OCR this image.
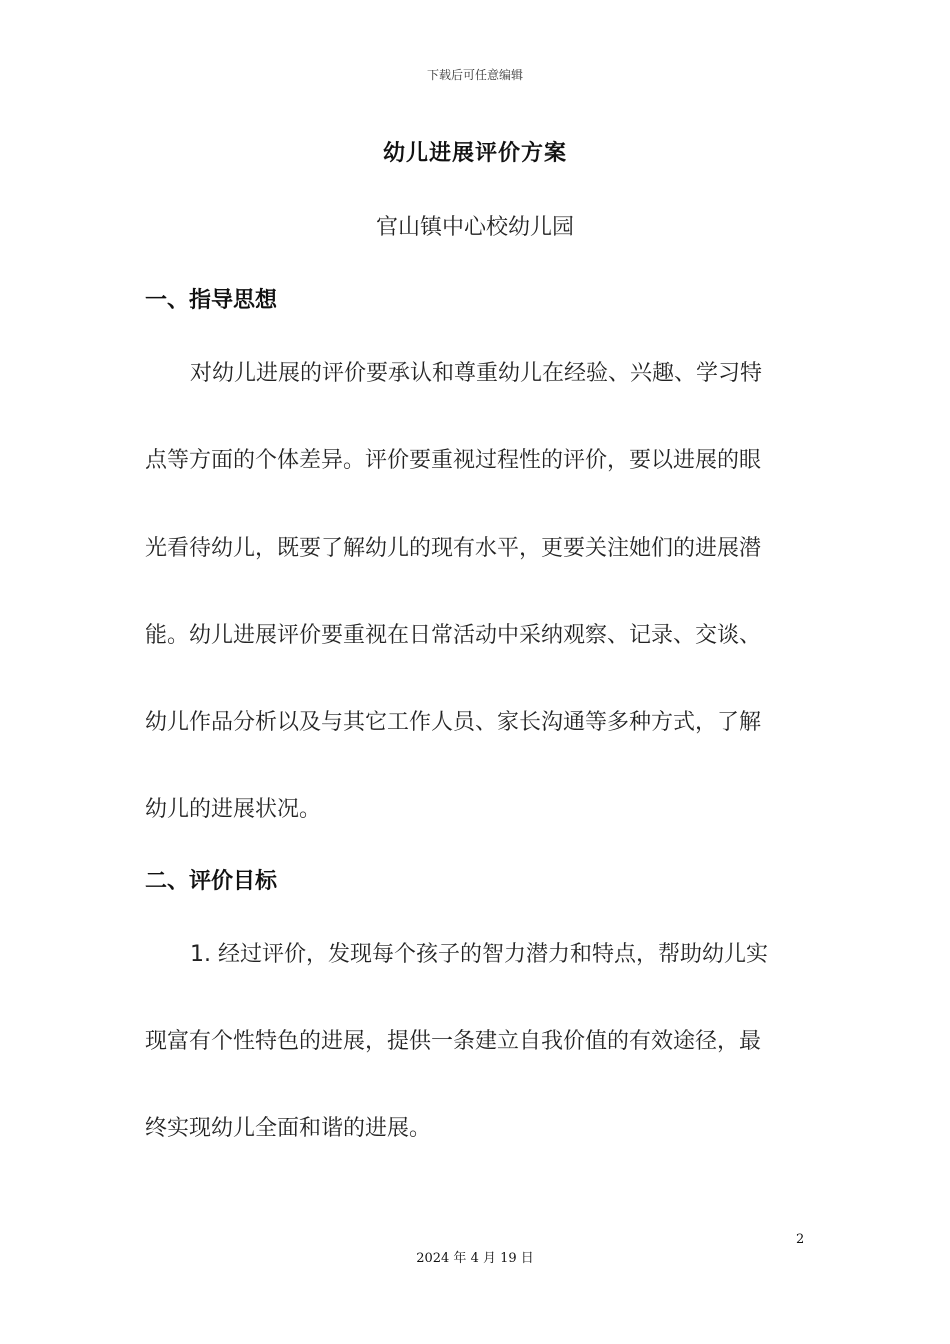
下载后可任意编辑
幼儿进展评价方案
官山镇中心校幼儿园
一、指导思想
对幼儿进展的评价要承认和尊重幼儿在经验、兴趣、学习特
点等方面的个体差异。评价要重视过程性的评价，要以进展的眼
光看待幼儿，既要了解幼儿的现有水平，更要关注她们的进展潜
能。幼儿进展评价要重视在日常活动中采纳观察、记录、交谈、
幼儿作品分析以及与其它工作人员、家长沟通等多种方式，了解
幼儿的进展状况。
二、评价目标
1. 经过评价，发现每个孩子的智力潜力和特点，帮助幼儿实
现富有个性特色的进展，提供一条建立自我价值的有效途径，最
终实现幼儿全面和谐的进展。
2
2024 年 4 月 19 日
